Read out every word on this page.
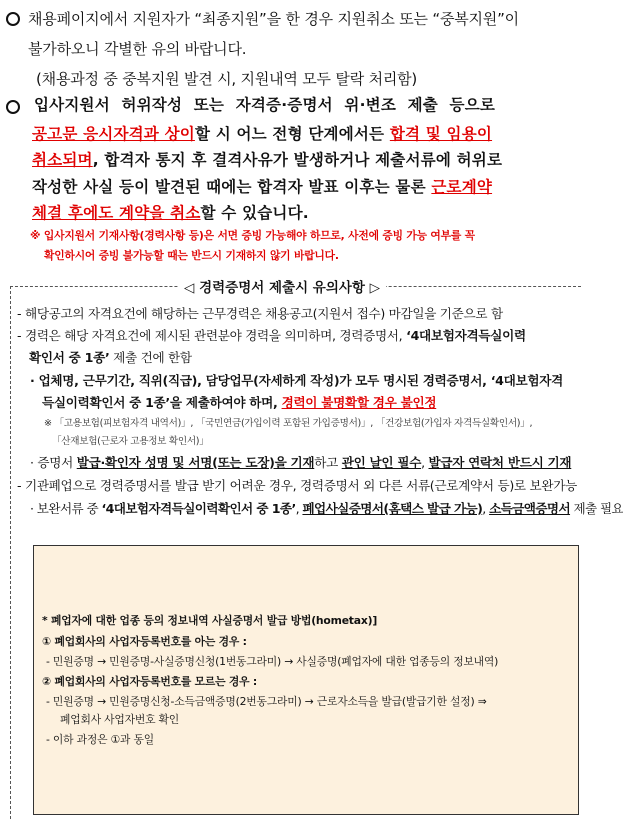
채용페이지에서 지원자가 “최종지원”을 한 경우 지원취소 또는 “중복지원”이
불가하오니 각별한 유의 바랍니다.
(채용과정 중 중복지원 발견 시, 지원내역 모두 탈락 처리함)
입사지원서 허위작성 또는 자격증·증명서 위·변조 제출 등으로
공고문 응시자격과 상이할 시 어느 전형 단계에서든 합격 및 임용이
취소되며, 합격자 통지 후 결격사유가 발생하거나 제출서류에 허위로
작성한 사실 등이 발견된 때에는 합격자 발표 이후는 물론 근로계약
체결 후에도 계약을 취소할 수 있습니다.
※ 입사지원서 기재사항(경력사항 등)은 서면 증빙 가능해야 하므로, 사전에 증빙 가능 여부를 꼭
확인하시어 증빙 불가능할 때는 반드시 기재하지 않기 바랍니다.
◁ 경력증명서 제출시 유의사항 ▷
- 해당공고의 자격요건에 해당하는 근무경력은 채용공고(지원서 접수) 마감일을 기준으로 함
- 경력은 해당 자격요건에 제시된 관련분야 경력을 의미하며, 경력증명서, ‘4대보험자격득실이력
확인서 중 1종’ 제출 건에 한함
· 업체명, 근무기간, 직위(직급), 담당업무(자세하게 작성)가 모두 명시된 경력증명서, ‘4대보험자격
득실이력확인서 중 1종’을 제출하여야 하며, 경력이 불명확할 경우 불인정
※ 「고용보험(피보험자격 내역서)」, 「국민연금(가입이력 포함된 가입증명서)」, 「건강보험(가입자 자격득실확인서)」,
「산재보험(근로자 고용정보 확인서)」
· 증명서 발급·확인자 성명 및 서명(또는 도장)을 기재하고 관인 날인 필수, 발급자 연락처 반드시 기재
- 기관폐업으로 경력증명서를 발급 받기 어려운 경우, 경력증명서 외 다른 서류(근로계약서 등)로 보완가능
· 보완서류 중 ‘4대보험자격득실이력확인서 중 1종’, 폐업사실증명서(홈택스 발급 가능), 소득금액증명서 제출 필요
* 폐업자에 대한 업종 등의 정보내역 사실증명서 발급 방법(hometax)]
① 폐업회사의 사업자등록번호를 아는 경우 :
- 민원증명 → 민원증명-사실증명신청(1번동그라미) → 사실증명(폐업자에 대한 업종등의 정보내역)
② 폐업회사의 사업자등록번호를 모르는 경우 :
- 민원증명 → 민원증명신청-소득금액증명(2번동그라미) → 근로자소득을 발급(발급기한 설정) ⇒
폐업회사 사업자번호 확인
- 이하 과정은 ①과 동일
